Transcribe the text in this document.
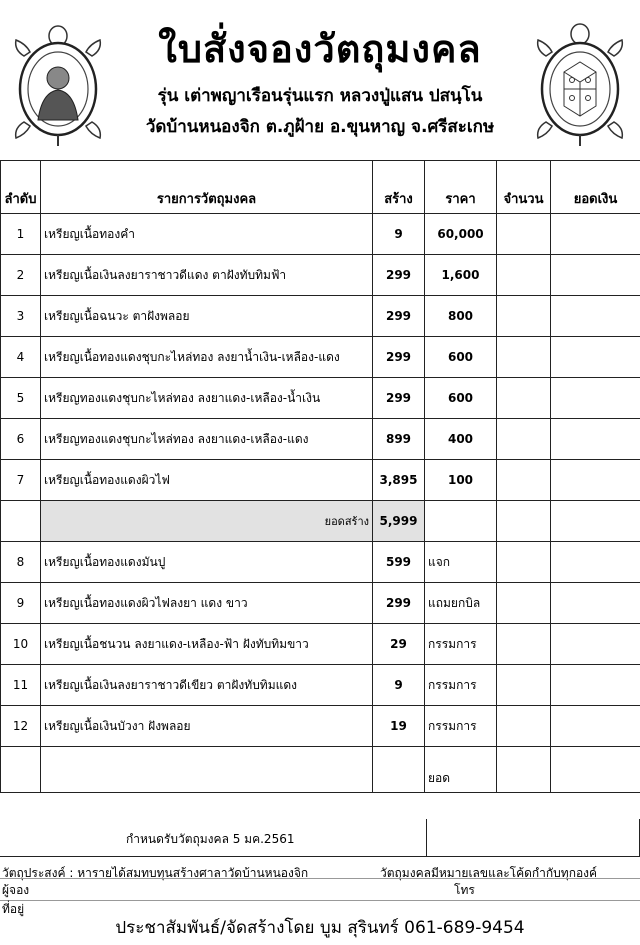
ใบสั่งจองวัตถุมงคล
รุ่น เต่าพญาเรือนรุ่นแรก หลวงปู่แสน ปสนฺโน
วัดบ้านหนองจิก ต.ภูฝ้าย อ.ขุนหาญ จ.ศรีสะเกษ
ลำดับ	รายการวัตถุมงคล	สร้าง	ราคา	จำนวน	ยอดเงิน
1	เหรียญเนื้อทองคำ	9	60,000		
2	เหรียญเนื้อเงินลงยาราชาวดีแดง ตาฝังทับทิมฟ้า	299	1,600		
3	เหรียญเนื้อฉนวะ ตาฝังพลอย	299	800		
4	เหรียญเนื้อทองแดงชุบกะไหล่ทอง ลงยาน้ำเงิน-เหลือง-แดง	299	600		
5	เหรียญทองแดงชุบกะไหล่ทอง ลงยาแดง-เหลือง-น้ำเงิน	299	600		
6	เหรียญทองแดงชุบกะไหล่ทอง ลงยาแดง-เหลือง-แดง	899	400		
7	เหรียญเนื้อทองแดงผิวไฟ	3,895	100		
	ยอดสร้าง	5,999			
8	เหรียญเนื้อทองแดงมันปู	599	แจก		
9	เหรียญเนื้อทองแดงผิวไฟลงยา แดง ขาว	299	แถมยกบิล		
10	เหรียญเนื้อชนวน ลงยาแดง-เหลือง-ฟ้า ฝังทับทิมขาว	29	กรรมการ		
11	เหรียญเนื้อเงินลงยาราชาวดีเขียว ตาฝังทับทิมแดง	9	กรรมการ		
12	เหรียญเนื้อเงินบัวงา ฝังพลอย	19	กรรมการ		
			ยอด		
กำหนดรับวัตถุมงคล 5 มค.2561
วัตถุประสงค์ : หารายได้สมทบทุนสร้างศาลาวัดบ้านหนองจิก	วัตถุมงคลมีหมายเลขและโค้ดกำกับทุกองค์
ผู้จอง	โทร
ที่อยู่
ประชาสัมพันธ์/จัดสร้างโดย บูม สุรินทร์ 061-689-9454
